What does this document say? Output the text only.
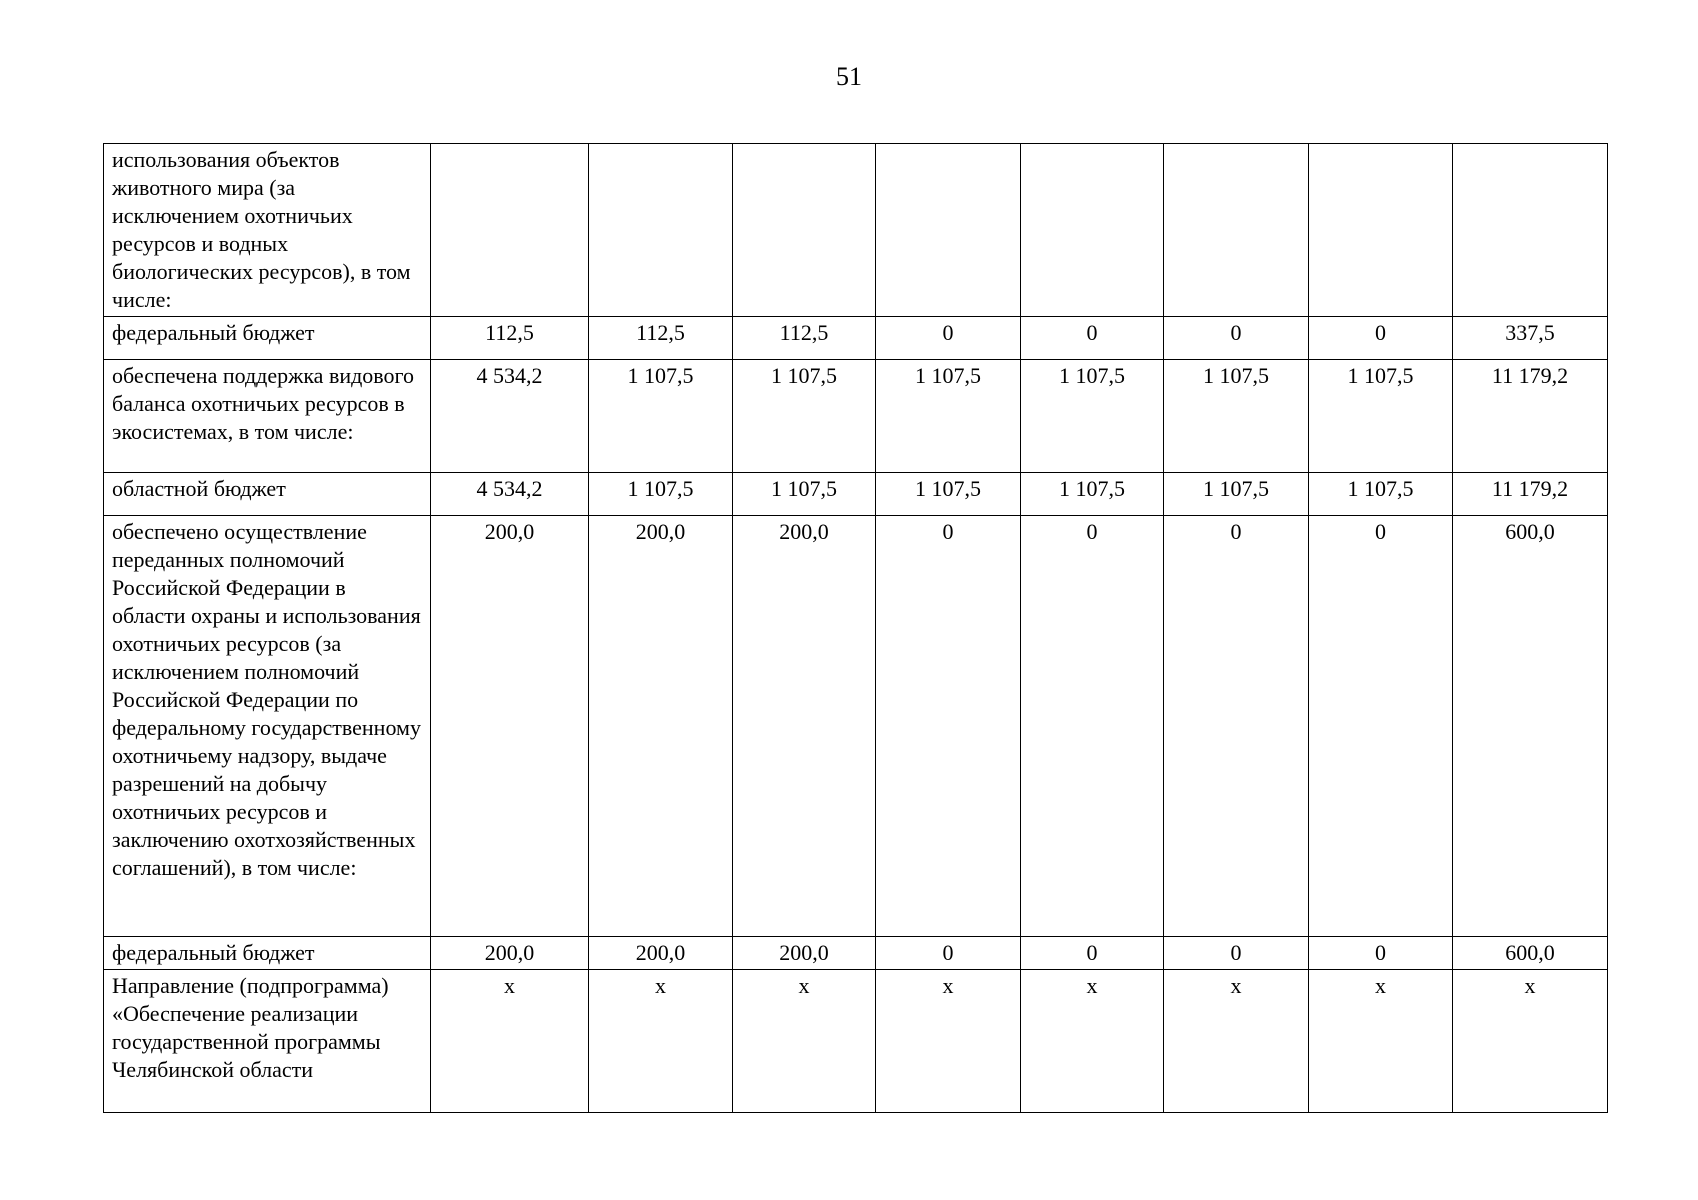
51
использования объектов животного мира (за исключением охотничьих ресурсов и водных биологических ресурсов), в том числе:								
федеральный бюджет	112,5	112,5	112,5	0	0	0	0	337,5
обеспечена поддержка видового баланса охотничьих ресурсов в экосистемах, в том числе:	4 534,2	1 107,5	1 107,5	1 107,5	1 107,5	1 107,5	1 107,5	11 179,2
областной бюджет	4 534,2	1 107,5	1 107,5	1 107,5	1 107,5	1 107,5	1 107,5	11 179,2
обеспечено осуществление переданных полномочий Российской Федерации в области охраны и использования охотничьих ресурсов (за исключением полномочий Российской Федерации по федеральному государственному охотничьему надзору, выдаче разрешений на добычу охотничьих ресурсов и заключению охотхозяйственных соглашений), в том числе:	200,0	200,0	200,0	0	0	0	0	600,0
федеральный бюджет	200,0	200,0	200,0	0	0	0	0	600,0
Направление (подпрограмма) «Обеспечение реализации государственной программы Челябинской области	x	x	x	x	x	x	x	x
